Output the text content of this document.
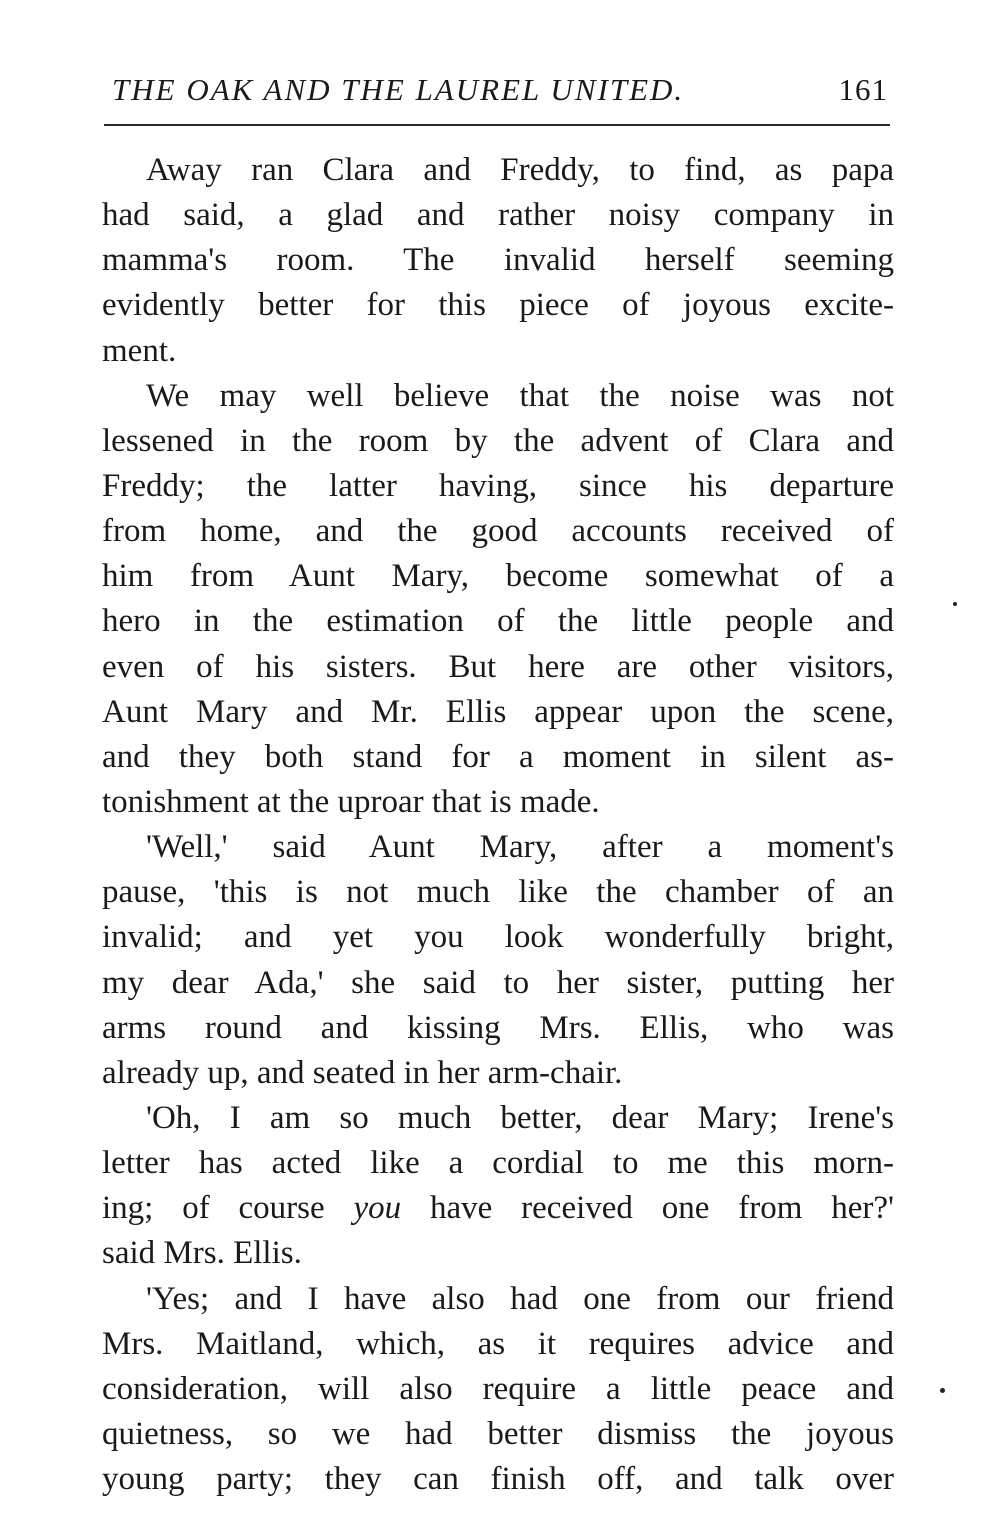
THE OAK AND THE LAUREL UNITED.	161
Away ran Clara and Freddy, to find, as papa
had said, a glad and rather noisy company in
mamma's room. The invalid herself seeming
evidently better for this piece of joyous excite-
ment.
We may well believe that the noise was not
lessened in the room by the advent of Clara and
Freddy; the latter having, since his departure
from home, and the good accounts received of
him from Aunt Mary, become somewhat of a
hero in the estimation of the little people and
even of his sisters. But here are other visitors,
Aunt Mary and Mr. Ellis appear upon the scene,
and they both stand for a moment in silent as-
tonishment at the uproar that is made.
'Well,' said Aunt Mary, after a moment's
pause, 'this is not much like the chamber of an
invalid; and yet you look wonderfully bright,
my dear Ada,' she said to her sister, putting her
arms round and kissing Mrs. Ellis, who was
already up, and seated in her arm-chair.
'Oh, I am so much better, dear Mary; Irene's
letter has acted like a cordial to me this morn-
ing; of course you have received one from her?'
said Mrs. Ellis.
'Yes; and I have also had one from our friend
Mrs. Maitland, which, as it requires advice and
consideration, will also require a little peace and
quietness, so we had better dismiss the joyous
young party; they can finish off, and talk over
